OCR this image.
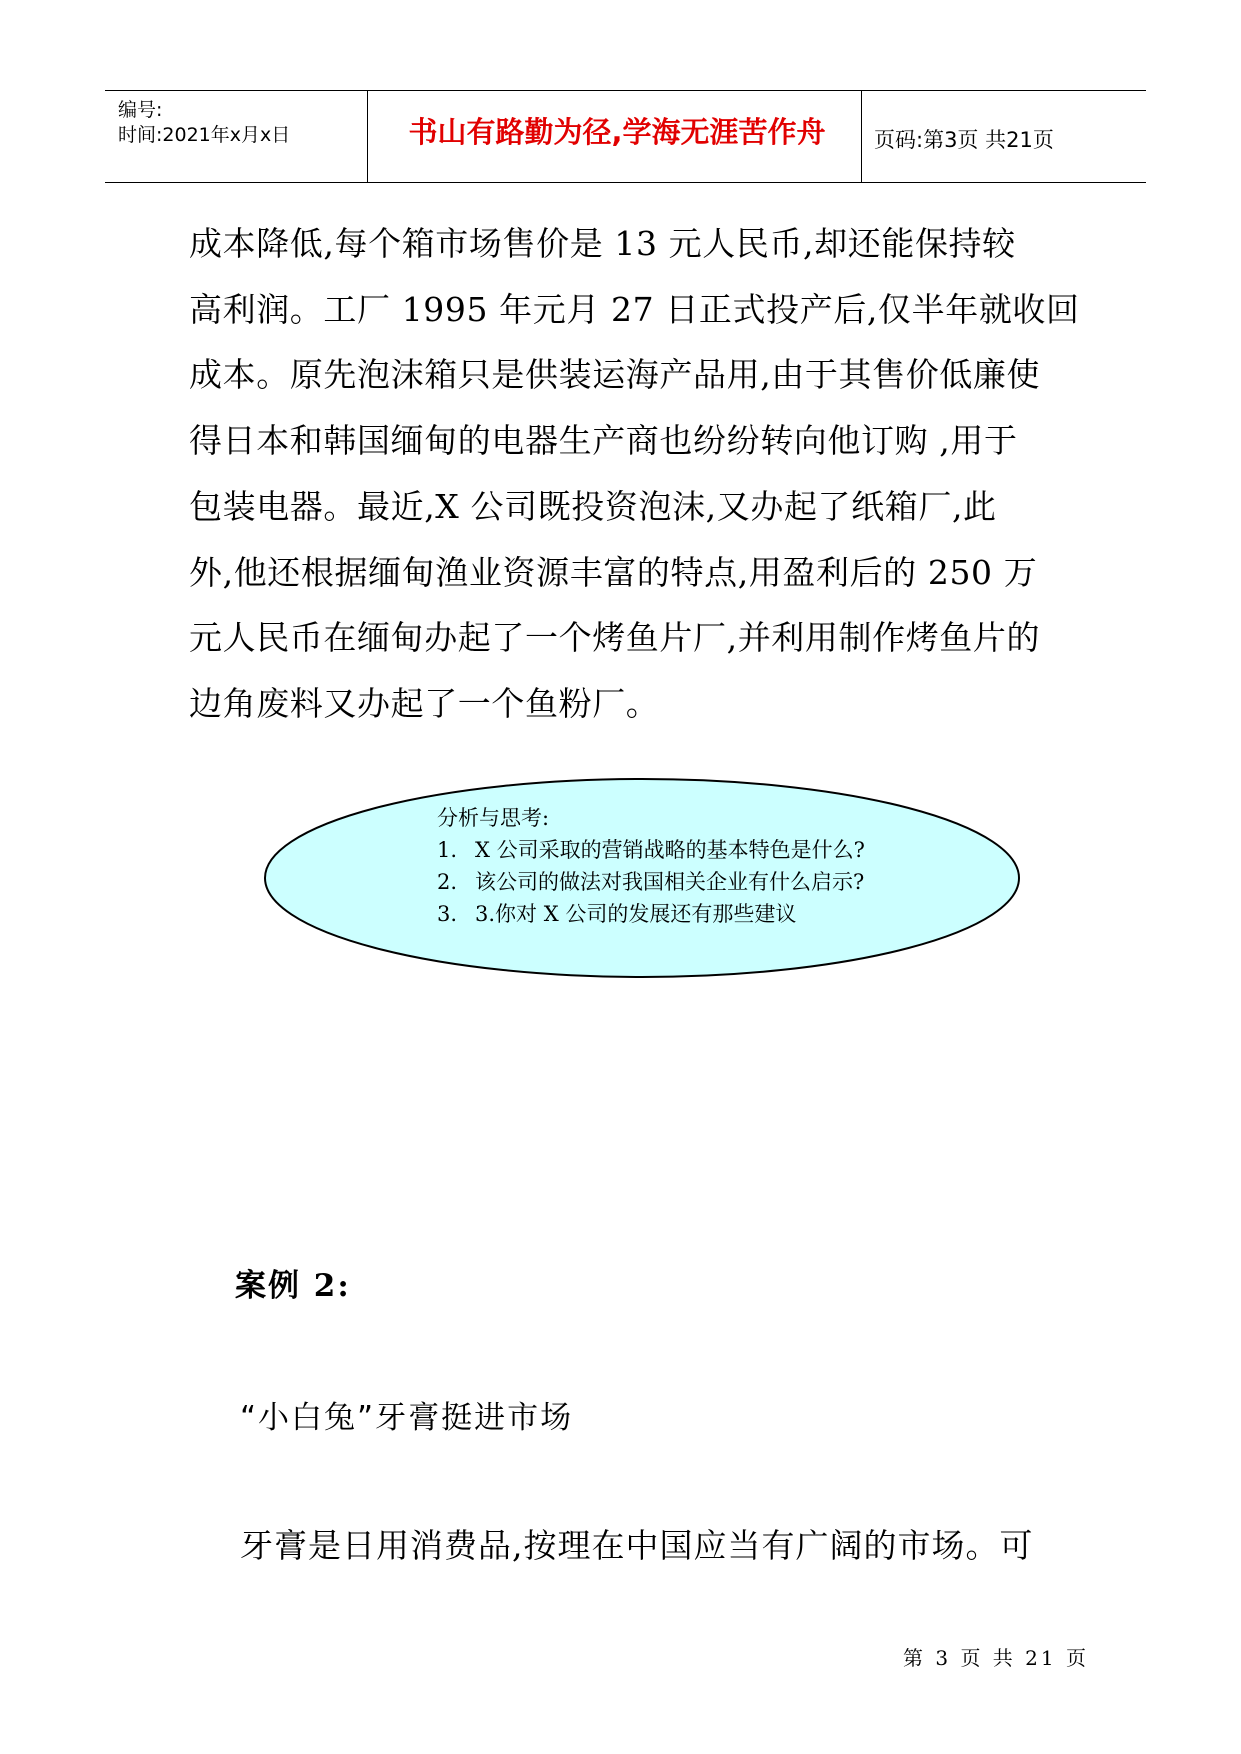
编号:
时间:2021年x月x日	书山有路勤为径,学海无涯苦作舟	页码:第3页 共21页
成本降低,每个箱市场售价是 13 元人民币,却还能保持较
高利润。工厂 1995 年元月 27 日正式投产后,仅半年就收回
成本。原先泡沫箱只是供装运海产品用,由于其售价低廉使
得日本和韩国缅甸的电器生产商也纷纷转向他订购 ,用于
包装电器。最近,X 公司既投资泡沫,又办起了纸箱厂,此
外,他还根据缅甸渔业资源丰富的特点,用盈利后的 250 万
元人民币在缅甸办起了一个烤鱼片厂,并利用制作烤鱼片的
边角废料又办起了一个鱼粉厂。
分析与思考:
1. X 公司采取的营销战略的基本特色是什么?
2. 该公司的做法对我国相关企业有什么启示?
3. 3.你对 X 公司的发展还有那些建议
案例 2:
“小白兔”牙膏挺进市场
牙膏是日用消费品,按理在中国应当有广阔的市场。可
第 3 页 共 21 页
